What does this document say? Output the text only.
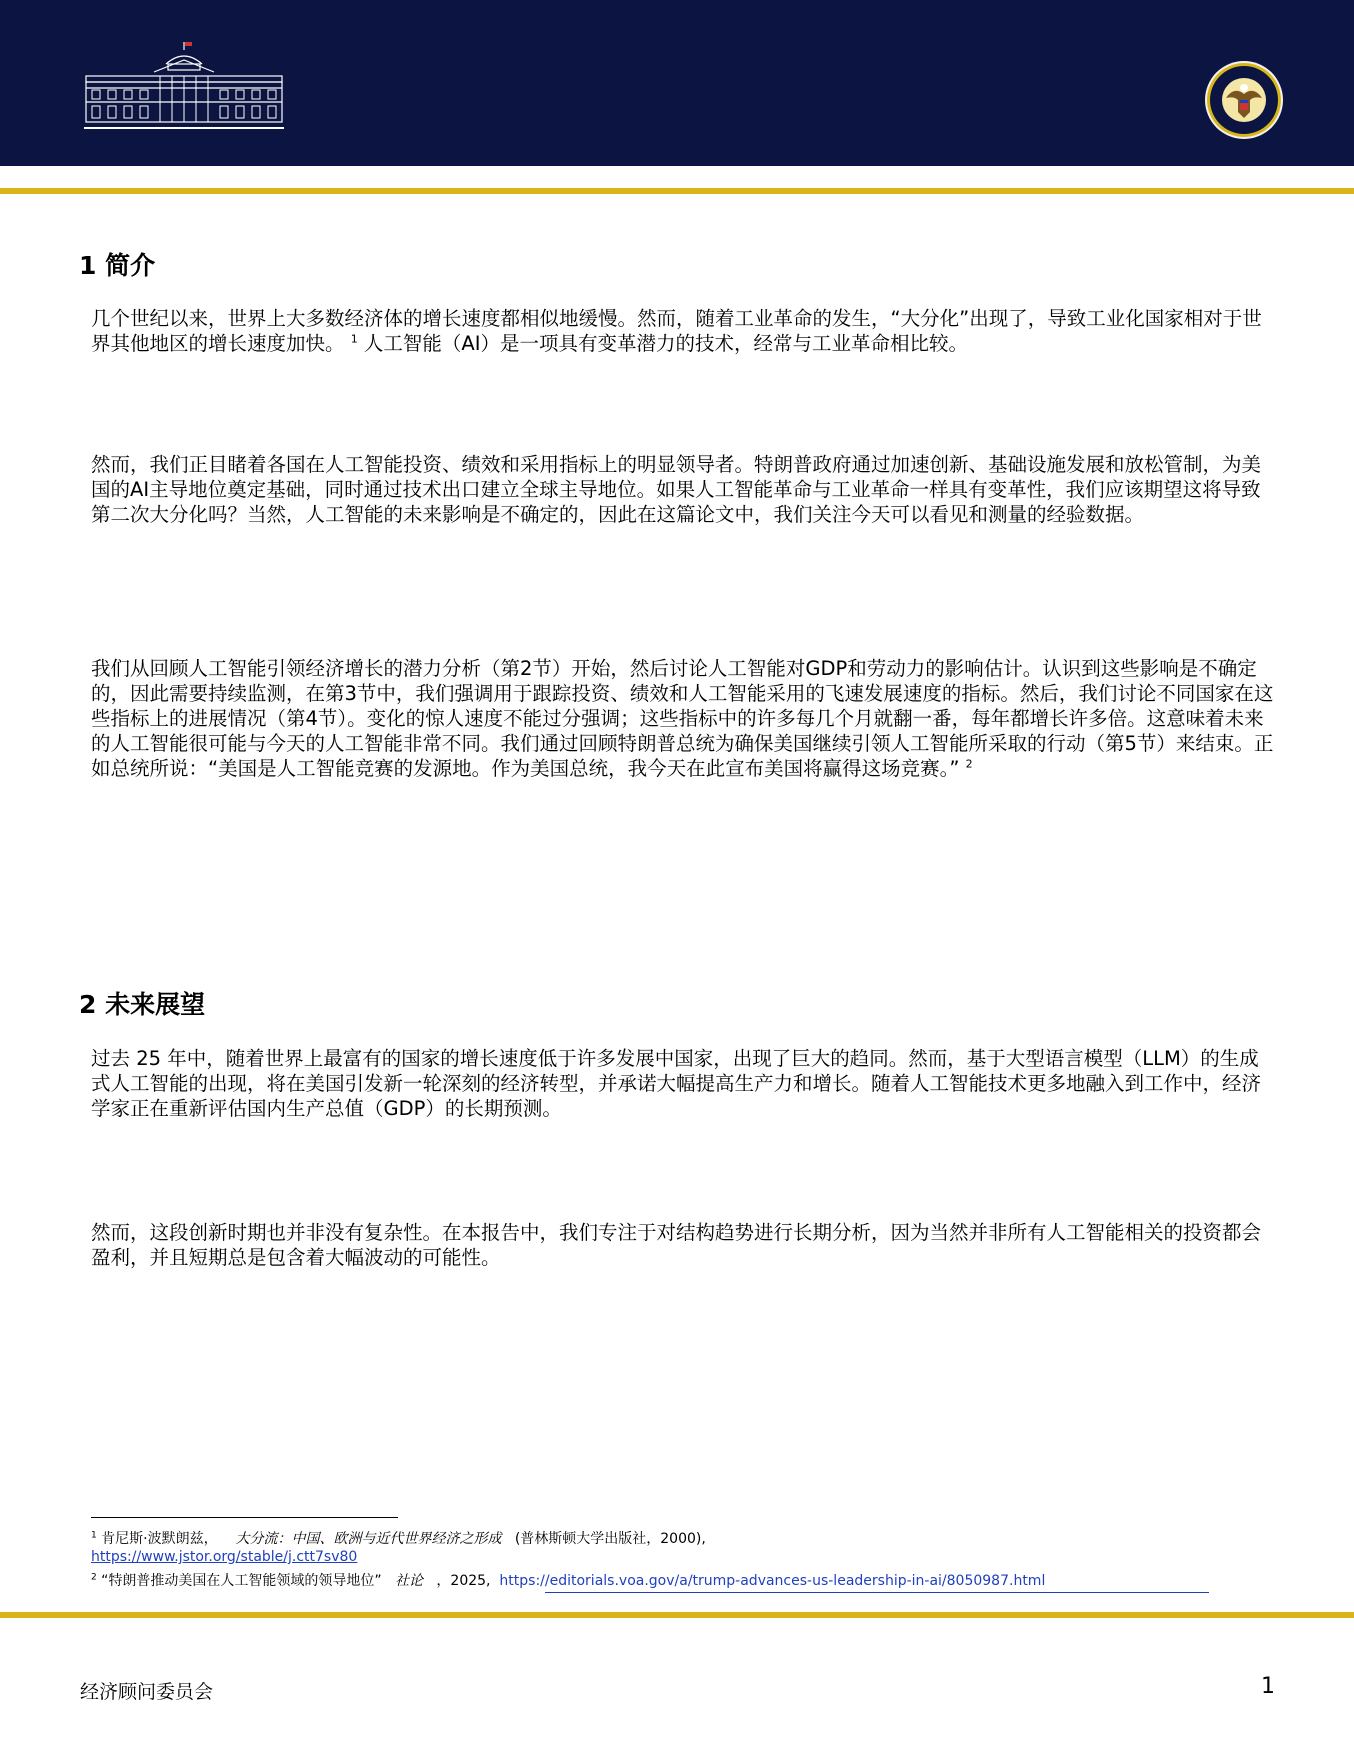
1 简介

几个世纪以来，世界上大多数经济体的增长速度都相似地缓慢。然而，随着工业革命的发生，“大分化”出现了，导致工业化国家相对于世界其他地区的增长速度加快。 $^1$ 人工智能（AI）是一项具有变革潜力的技术，经常与工业革命相比较。

然而，我们正目睹着各国在人工智能投资、绩效和采用指标上的明显领导者。特朗普政府通过加速创新、基础设施发展和放松管制，为美国的AI主导地位奠定基础，同时通过技术出口建立全球主导地位。如果人工智能革命与工业革命一样具有变革性，我们应该期望这将导致第二次大分化吗？当然，人工智能的未来影响是不确定的，因此在这篇论文中，我们关注今天可以看见和测量的经验数据。

我们从回顾人工智能引领经济增长的潜力分析（第2节）开始，然后讨论人工智能对GDP和劳动力的影响估计。认识到这些影响是不确定的，因此需要持续监测，在第3节中，我们强调用于跟踪投资、绩效和人工智能采用的飞速发展速度的指标。然后，我们讨论不同国家在这些指标上的进展情况（第4节）。变化的惊人速度不能过分强调；这些指标中的许多每几个月就翻一番，每年都增长许多倍。这意味着未来的人工智能很可能与今天的人工智能非常不同。我们通过回顾特朗普总统为确保美国继续引领人工智能所采取的行动（第5节）来结束。正如总统所说：“美国是人工智能竞赛的发源地。作为美国总统，我今天在此宣布美国将赢得这场竞赛。” $^2$

2 未来展望

过去 25 年中，随着世界上最富有的国家的增长速度低于许多发展中国家，出现了巨大的趋同。然而，基于大型语言模型（LLM）的生成式人工智能的出现，将在美国引发新一轮深刻的经济转型，并承诺大幅提高生产力和增长。随着人工智能技术更多地融入到工作中，经济学家正在重新评估国内生产总值（GDP）的长期预测。

然而，这段创新时期也并非没有复杂性。在本报告中，我们专注于对结构趋势进行长期分析，因为当然并非所有人工智能相关的投资都会盈利，并且短期总是包含着大幅波动的可能性。

$^1$ 肯尼斯·波默朗兹， 大分流：中国、欧洲与近代世界经济之形成 (普林斯顿大学出版社，2000),
https://www.jstor.org/stable/j.ctt7sv80

$^2$ “特朗普推动美国在人工智能领域的领导地位” 社论 ，2025, https://editorials.voa.gov/a/trump-advances-us-leadership-in-ai/8050987.html

经济顾问委员会	1
